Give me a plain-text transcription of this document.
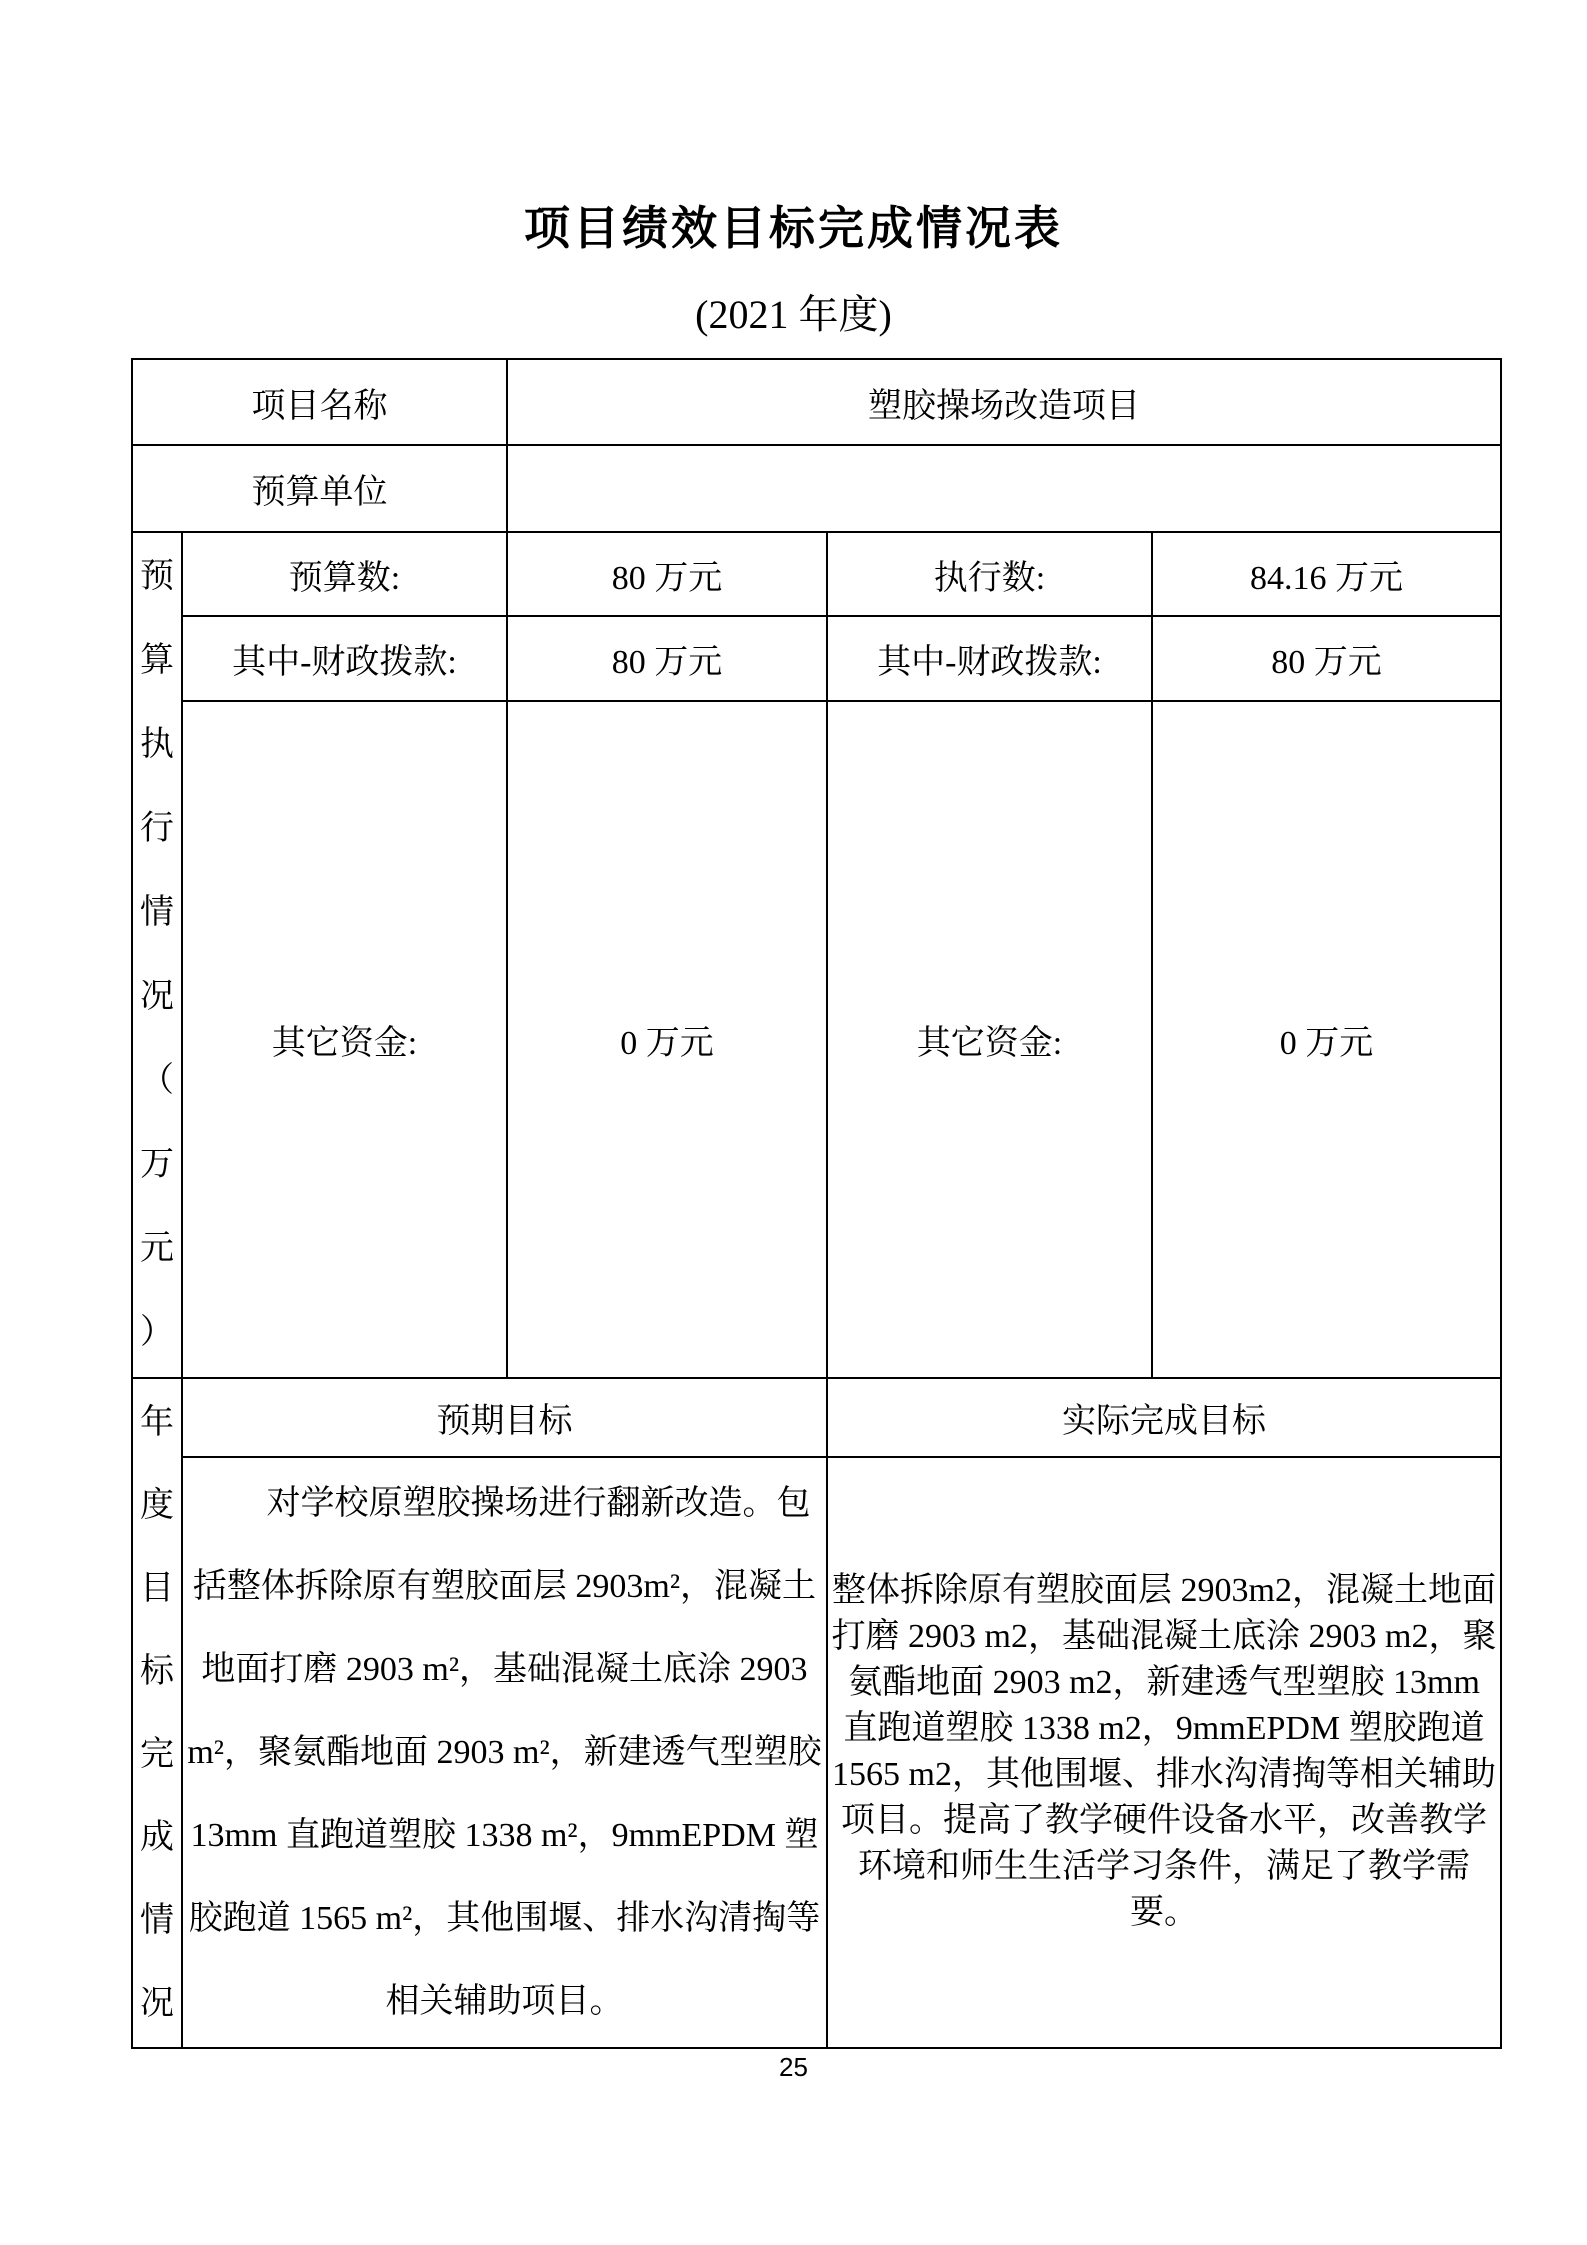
项目绩效目标完成情况表
(2021 年度)
项目名称		塑胶操场改造项目		
预算单位				

预算执行情况（万元）	预算数:	80 万元	执行数:	84.16 万元
	其中-财政拨款:	80 万元	其中-财政拨款:	80 万元
	其它资金:	0 万元	其它资金:	0 万元

年度目标完成情况	预期目标		实际完成目标	
	对学校原塑胶操场进行翻新改造。包括整体拆除原有塑胶面层 2903m²，混凝土地面打磨 2903 m²，基础混凝土底涂 2903 m²，聚氨酯地面 2903 m²，新建透气型塑胶 13mm 直跑道塑胶 1338 m²，9mmEPDM 塑胶跑道 1565 m²，其他围堰、排水沟清掏等相关辅助项目。		整体拆除原有塑胶面层 2903m2，混凝土地面打磨 2903 m2，基础混凝土底涂 2903 m2，聚氨酯地面 2903 m2，新建透气型塑胶 13mm 直跑道塑胶 1338 m2，9mmEPDM 塑胶跑道 1565 m2，其他围堰、排水沟清掏等相关辅助项目。提高了教学硬件设备水平，改善教学环境和师生生活学习条件，满足了教学需要。	
25
